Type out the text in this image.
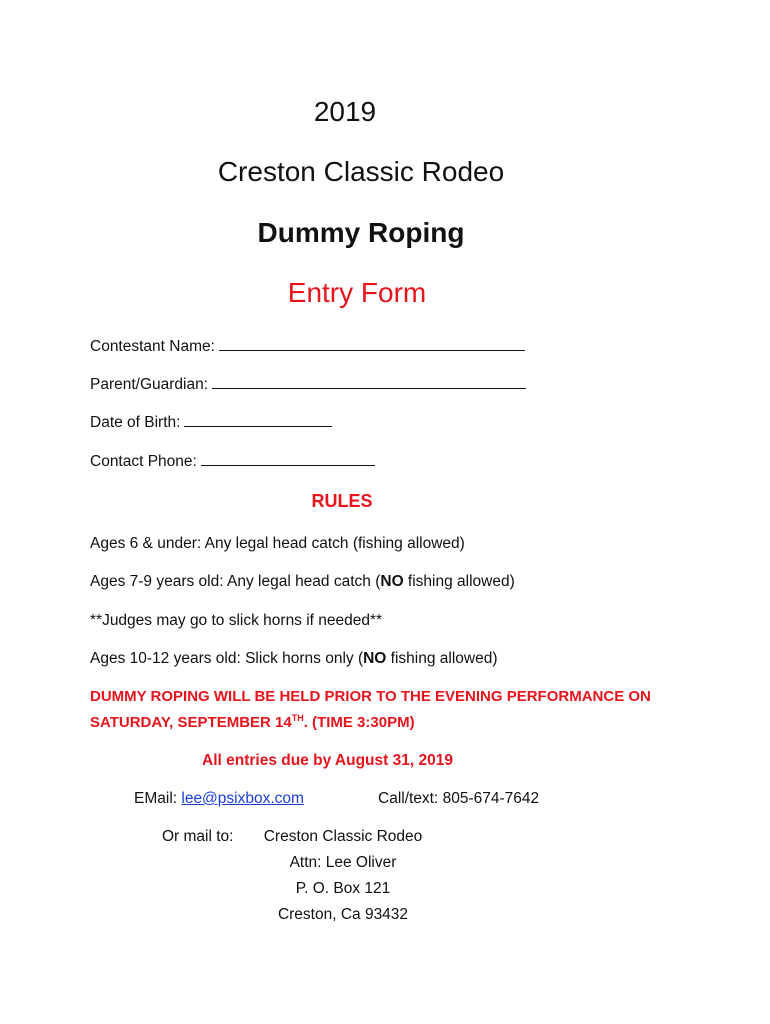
2019
Creston Classic Rodeo
Dummy Roping
Entry Form
Contestant Name:
Parent/Guardian:
Date of Birth:
Contact Phone:
RULES
Ages 6 & under: Any legal head catch (fishing allowed)
Ages 7-9 years old: Any legal head catch (NO fishing allowed)
**Judges may go to slick horns if needed**
Ages 10-12 years old: Slick horns only (NO fishing allowed)
DUMMY ROPING WILL BE HELD PRIOR TO THE EVENING PERFORMANCE ON
SATURDAY, SEPTEMBER 14TH. (TIME 3:30PM)
All entries due by August 31, 2019
EMail: lee@psixbox.com	Call/text: 805-674-7642
Or mail to:	Creston Classic Rodeo
Attn: Lee Oliver
P. O. Box 121
Creston, Ca 93432
